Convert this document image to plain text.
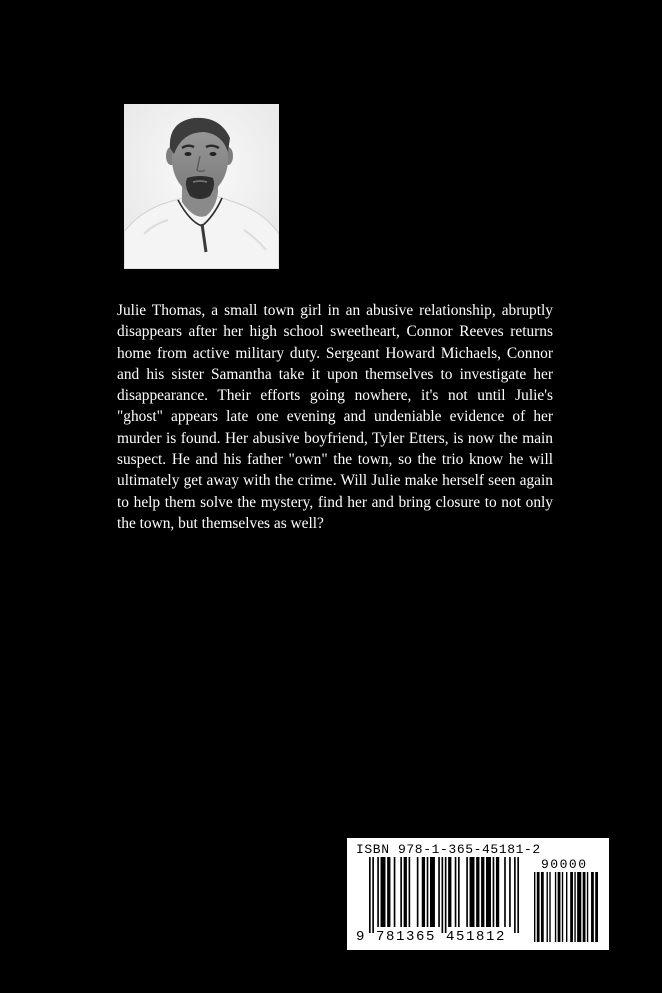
Julie Thomas, a small town girl in an abusive relationship, abruptly disappears after her high school sweetheart, Connor Reeves returns home from active military duty. Sergeant Howard Michaels, Connor and his sister Samantha take it upon themselves to investigate her disappearance. Their efforts going nowhere, it's not until Julie's "ghost" appears late one evening and undeniable evidence of her murder is found. Her abusive boyfriend, Tyler Etters, is now the main suspect. He and his father "own" the town, so the trio know he will ultimately get away with the crime. Will Julie make herself seen again to help them solve the mystery, find her and bring closure to not only the town, but themselves as well?

ISBN 978-1-365-45181-2
90000
9 781365 451812
